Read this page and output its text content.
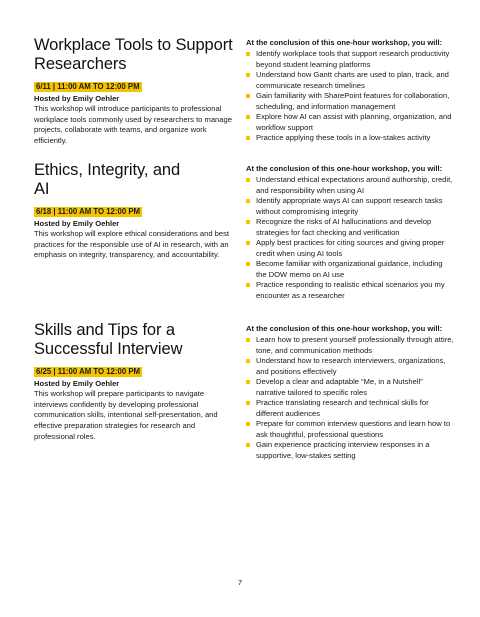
Workplace Tools to Support Researchers
6/11 | 11:00 AM TO 12:00 PM

Hosted by Emily Oehler

This workshop will introduce participants to professional workplace tools commonly used by researchers to manage projects, collaborate with teams, and organize work efficiently.

At the conclusion of this one-hour workshop, you will:

Identify workplace tools that support research productivity beyond student learning platforms
Understand how Gantt charts are used to plan, track, and communicate research timelines
Gain familiarity with SharePoint features for collaboration, scheduling, and information management
Explore how AI can assist with planning, organization, and workflow support
Practice applying these tools in a low-stakes activity
Ethics, Integrity, and AI
6/18 | 11:00 AM TO 12:00 PM

Hosted by Emily Oehler

This workshop will explore ethical considerations and best practices for the responsible use of AI in research, with an emphasis on integrity, transparency, and accountability.

At the conclusion of this one-hour workshop, you will:

Understand ethical expectations around authorship, credit, and responsibility when using AI
Identify appropriate ways AI can support research tasks without compromising integrity
Recognize the risks of AI hallucinations and develop strategies for fact checking and verification
Apply best practices for citing sources and giving proper credit when using AI tools
Become familiar with organizational guidance, including the DOW memo on AI use
Practice responding to realistic ethical scenarios you my encounter as a researcher
Skills and Tips for a Successful Interview
6/25 | 11:00 AM TO 12:00 PM

Hosted by Emily Oehler

This workshop will prepare participants to navigate interviews confidently by developing professional communication skills, intentional self-presentation, and effective preparation strategies for research and professional roles.

At the conclusion of this one-hour workshop, you will:

Learn how to present yourself professionally through attire, tone, and communication methods
Understand how to research interviewers, organizations, and positions effectively
Develop a clear and adaptable “Me, in a Nutshell” narrative tailored to specific roles
Practice translating research and technical skills for different audiences
Prepare for common interview questions and learn how to ask thoughtful, professional questions
Gain experience practicing interview responses in a supportive, low-stakes setting
7
